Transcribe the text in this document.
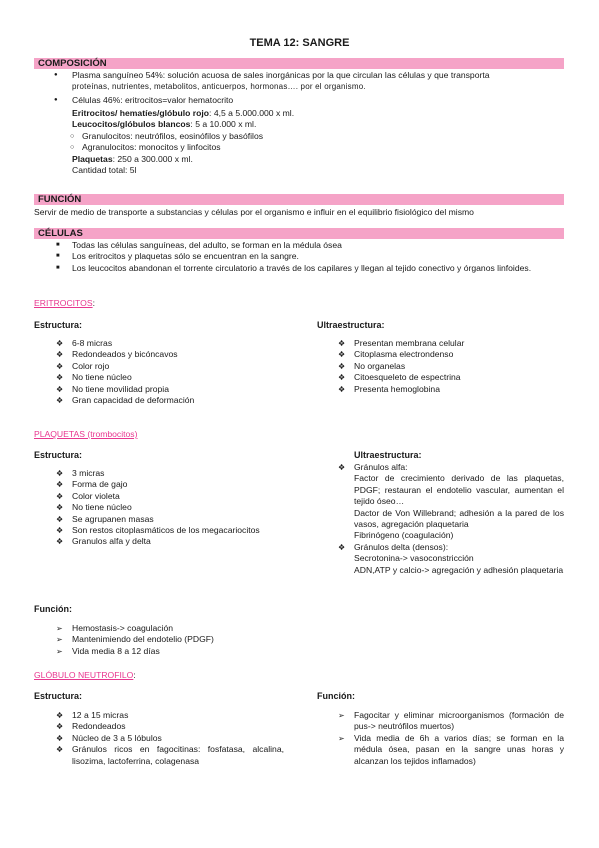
TEMA 12: SANGRE
COMPOSICIÓN
● Plasma sanguíneo 54%: solución acuosa de sales inorgánicas por la que circulan las células y que transporta
proteínas, nutrientes, metabolitos, anticuerpos, hormonas…. por el organismo.
● Células 46%: eritrocitos=valor hematocrito
Eritrocitos/ hematíes/glóbulo rojo: 4,5 a 5.000.000 x ml.
Leucocitos/glóbulos blancos: 5 a 10.000 x ml.
○ Granulocitos: neutrófilos, eosinófilos y basófilos
○ Agranulocitos: monocitos y linfocitos
Plaquetas: 250 a 300.000 x ml.
Cantidad total: 5l
FUNCIÓN
Servir de medio de transporte a substancias y células por el organismo e influir en el equilibrio fisiológico del mismo
CÉLULAS
■ Todas las células sanguíneas, del adulto, se forman en la médula ósea
■ Los eritrocitos y plaquetas sólo se encuentran en la sangre.
■ Los leucocitos abandonan el torrente circulatorio a través de los capilares y llegan al tejido conectivo y órganos linfoides.
ERITROCITOS:
Estructura:
❖ 6-8 micras
❖ Redondeados y bicóncavos
❖ Color rojo
❖ No tiene núcleo
❖ No tiene movilidad propia
❖ Gran capacidad de deformación
Ultraestructura:
❖ Presentan membrana celular
❖ Citoplasma electrondenso
❖ No organelas
❖ Citoesqueleto de espectrina
❖ Presenta hemoglobina
PLAQUETAS (trombocitos)
Estructura:
❖ 3 micras
❖ Forma de gajo
❖ Color violeta
❖ No tiene núcleo
❖ Se agrupanen masas
❖ Son restos citoplasmáticos de los megacariocitos
❖ Granulos alfa y delta
Ultraestructura:
❖ Gránulos alfa:
Factor de crecimiento derivado de las plaquetas, PDGF; restauran el endotelio vascular, aumentan el tejido óseo…
Dactor de Von Willebrand; adhesión a la pared de los vasos, agregación plaquetaria
Fibrinógeno (coagulación)
❖ Gránulos delta (densos):
Secrotonina-> vasoconstricción
ADN,ATP y calcio-> agregación y adhesión plaquetaria
Función:
➢ Hemostasis-> coagulación
➢ Mantenimiendo del endotelio (PDGF)
➢ Vida media 8 a 12 días
GLÓBULO NEUTROFILO:
Estructura:
❖ 12 a 15 micras
❖ Redondeados
❖ Núcleo de 3 a 5 lóbulos
❖ Gránulos ricos en fagocitinas: fosfatasa, alcalina, lisozima, lactoferrina, colagenasa
Función:
➢ Fagocitar y eliminar microorganismos (formación de pus-> neutrófilos muertos)
➢ Vida media de 6h a varios días; se forman en la médula ósea, pasan en la sangre unas horas y alcanzan los tejidos inflamados)
